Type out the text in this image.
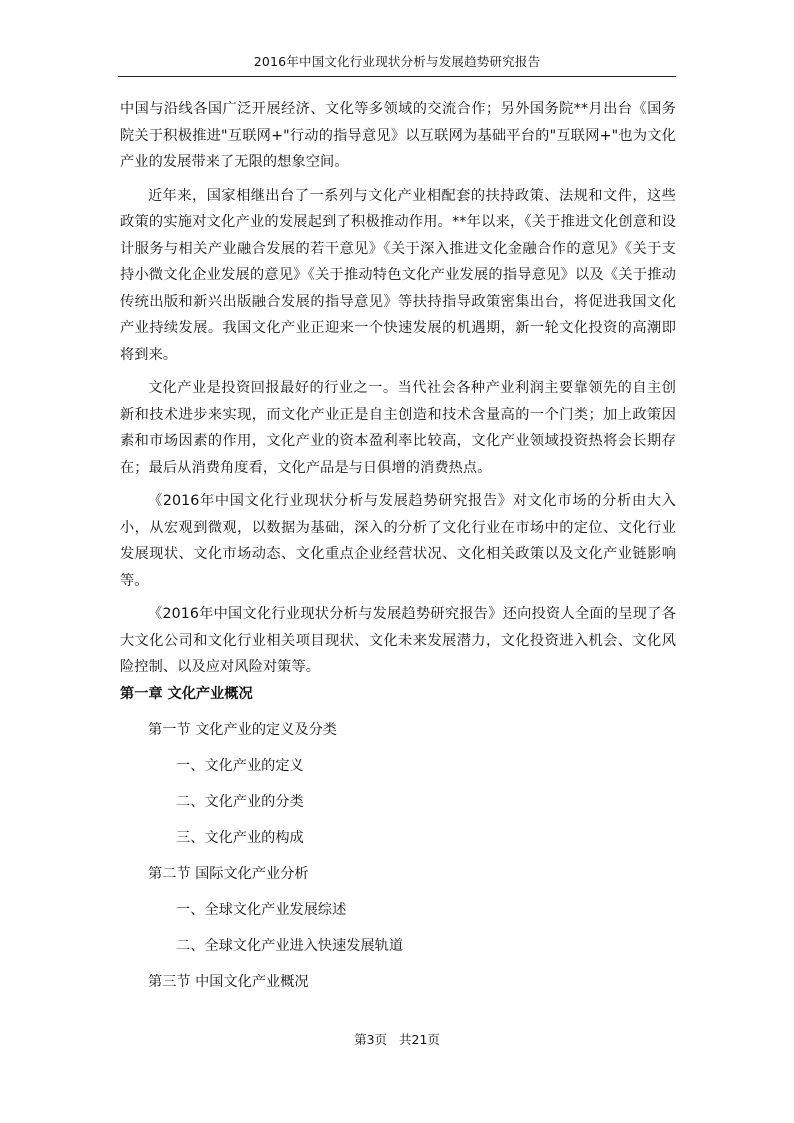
2016年中国文化行业现状分析与发展趋势研究报告

中国与沿线各国广泛开展经济、文化等多领域的交流合作；另外国务院**月出台《国务院关于积极推进"互联网+"行动的指导意见》以互联网为基础平台的"互联网+"也为文化产业的发展带来了无限的想象空间。

近年来，国家相继出台了一系列与文化产业相配套的扶持政策、法规和文件，这些政策的实施对文化产业的发展起到了积极推动作用。**年以来，《关于推进文化创意和设计服务与相关产业融合发展的若干意见》《关于深入推进文化金融合作的意见》《关于支持小微文化企业发展的意见》《关于推动特色文化产业发展的指导意见》以及《关于推动传统出版和新兴出版融合发展的指导意见》等扶持指导政策密集出台，将促进我国文化产业持续发展。我国文化产业正迎来一个快速发展的机遇期，新一轮文化投资的高潮即将到来。

文化产业是投资回报最好的行业之一。当代社会各种产业利润主要靠领先的自主创新和技术进步来实现，而文化产业正是自主创造和技术含量高的一个门类；加上政策因素和市场因素的作用，文化产业的资本盈利率比较高，文化产业领域投资热将会长期存在；最后从消费角度看，文化产品是与日俱增的消费热点。

《2016年中国文化行业现状分析与发展趋势研究报告》对文化市场的分析由大入小，从宏观到微观，以数据为基础，深入的分析了文化行业在市场中的定位、文化行业发展现状、文化市场动态、文化重点企业经营状况、文化相关政策以及文化产业链影响等。

《2016年中国文化行业现状分析与发展趋势研究报告》还向投资人全面的呈现了各大文化公司和文化行业相关项目现状、文化未来发展潜力，文化投资进入机会、文化风险控制、以及应对风险对策等。

第一章 文化产业概况
第一节 文化产业的定义及分类
一、文化产业的定义
二、文化产业的分类
三、文化产业的构成
第二节 国际文化产业分析
一、全球文化产业发展综述
二、全球文化产业进入快速发展轨道
第三节 中国文化产业概况
第3页 共21页
